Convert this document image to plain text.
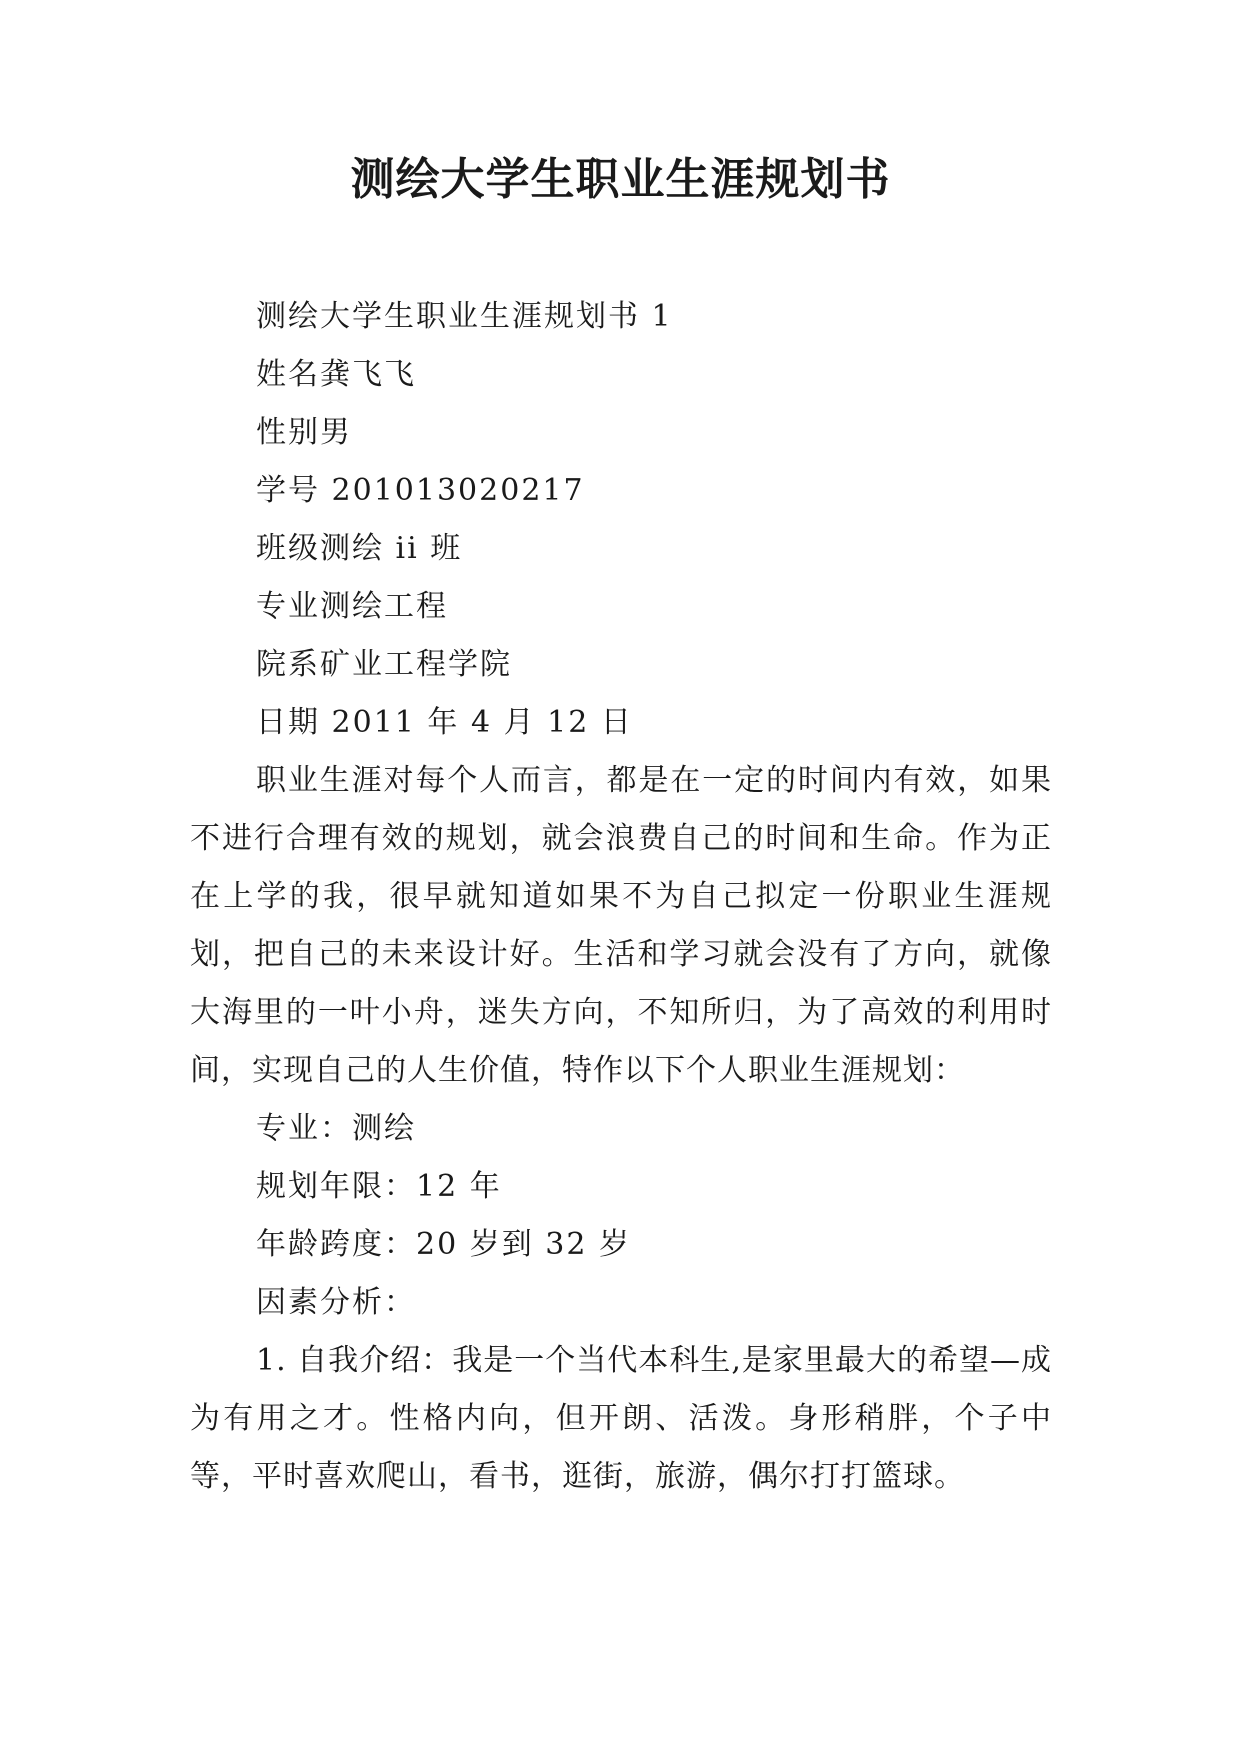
测绘大学生职业生涯规划书
测绘大学生职业生涯规划书 1
姓名龚飞飞
性别男
学号 201013020217
班级测绘 ii 班
专业测绘工程
院系矿业工程学院
日期 2011 年 4 月 12 日

职业生涯对每个人而言，都是在一定的时间内有效，如果不进行合理有效的规划，就会浪费自己的时间和生命。作为正在上学的我，很早就知道如果不为自己拟定一份职业生涯规划，把自己的未来设计好。生活和学习就会没有了方向，就像大海里的一叶小舟，迷失方向，不知所归，为了高效的利用时间，实现自己的人生价值，特作以下个人职业生涯规划：

专业：测绘
规划年限：12 年
年龄跨度：20 岁到 32 岁
因素分析：

1. 自我介绍：我是一个当代本科生,是家里最大的希望—成为有用之才。性格内向，但开朗、活泼。身形稍胖，个子中等，平时喜欢爬山，看书，逛街，旅游，偶尔打打篮球。
